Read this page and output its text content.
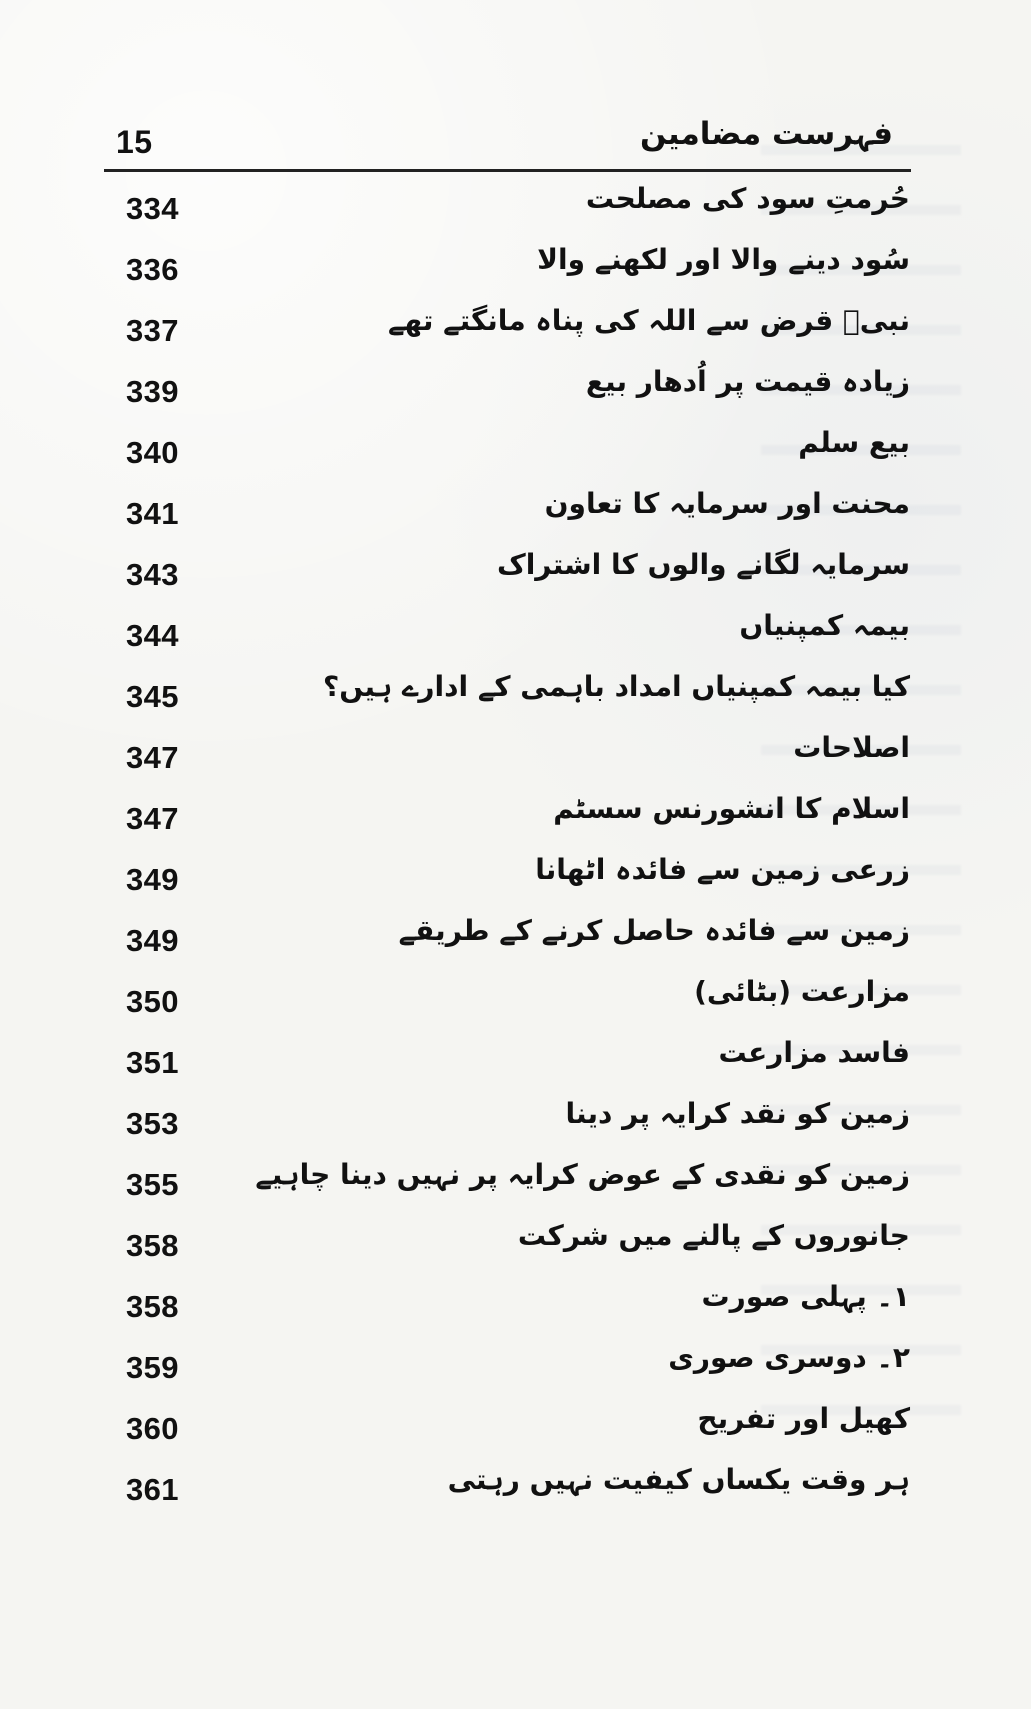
15	فہرست مضامین
334	حُرمتِ سود کی مصلحت
336	سُود دینے والا اور لکھنے والا
337	نبیؐ قرض سے اللہ کی پناہ مانگتے تھے
339	زیادہ قیمت پر اُدھار بیع
340	بیع سلم
341	محنت اور سرمایہ کا تعاون
343	سرمایہ لگانے والوں کا اشتراک
344	بیمہ کمپنیاں
345	کیا بیمہ کمپنیاں امداد باہمی کے ادارے ہیں؟
347	اصلاحات
347	اسلام کا انشورنس سسٹم
349	زرعی زمین سے فائدہ اٹھانا
349	زمین سے فائدہ حاصل کرنے کے طریقے
350	مزارعت (بٹائی)
351	فاسد مزارعت
353	زمین کو نقد کرایہ پر دینا
355	زمین کو نقدی کے عوض کرایہ پر نہیں دینا چاہیے
358	جانوروں کے پالنے میں شرکت
358	۱۔ پہلی صورت
359	۲۔ دوسری صوری
360	کھیل اور تفریح
361	ہر وقت یکساں کیفیت نہیں رہتی
